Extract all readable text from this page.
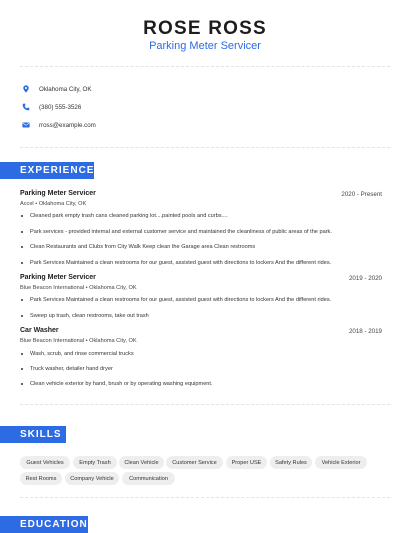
ROSE ROSS
Parking Meter Servicer
Oklahoma City, OK
(380) 555-3526
rross@example.com
EXPERIENCE
Parking Meter Servicer	2020 - Present
Accel • Oklahoma City, OK
Cleaned park empty trash cans cleaned parking lot....painted pools and curbs....
Park services - provided internal and external customer service and maintained the cleanliness of public areas of the park.
Clean Restaurants and Clubs from City Walk Keep clean the Garage area Clean restrooms
Park Services Maintained a clean restrooms for our guest, assisted guest with directions to lockers And the different rides.
Parking Meter Servicer	2019 - 2020
Blue Beacon International • Oklahoma City, OK
Park Services Maintained a clean restrooms for our guest, assisted guest with directions to lockers And the different rides.
Sweep up trash, clean restrooms, take out trash
Car Washer	2018 - 2019
Blue Beacon International • Oklahoma City, OK
Wash, scrub, and rinse commercial trucks
Truck washer, detailer hand dryer
Clean vehicle exterior by hand, brush or by operating washing equipment.
SKILLS
Guest Vehicles	Empty Trash	Clean Vehicle	Customer Service	Proper USE	Safety Rules	Vehicle Exterior
Rest Rooms	Company Vehicle	Communication
EDUCATION
